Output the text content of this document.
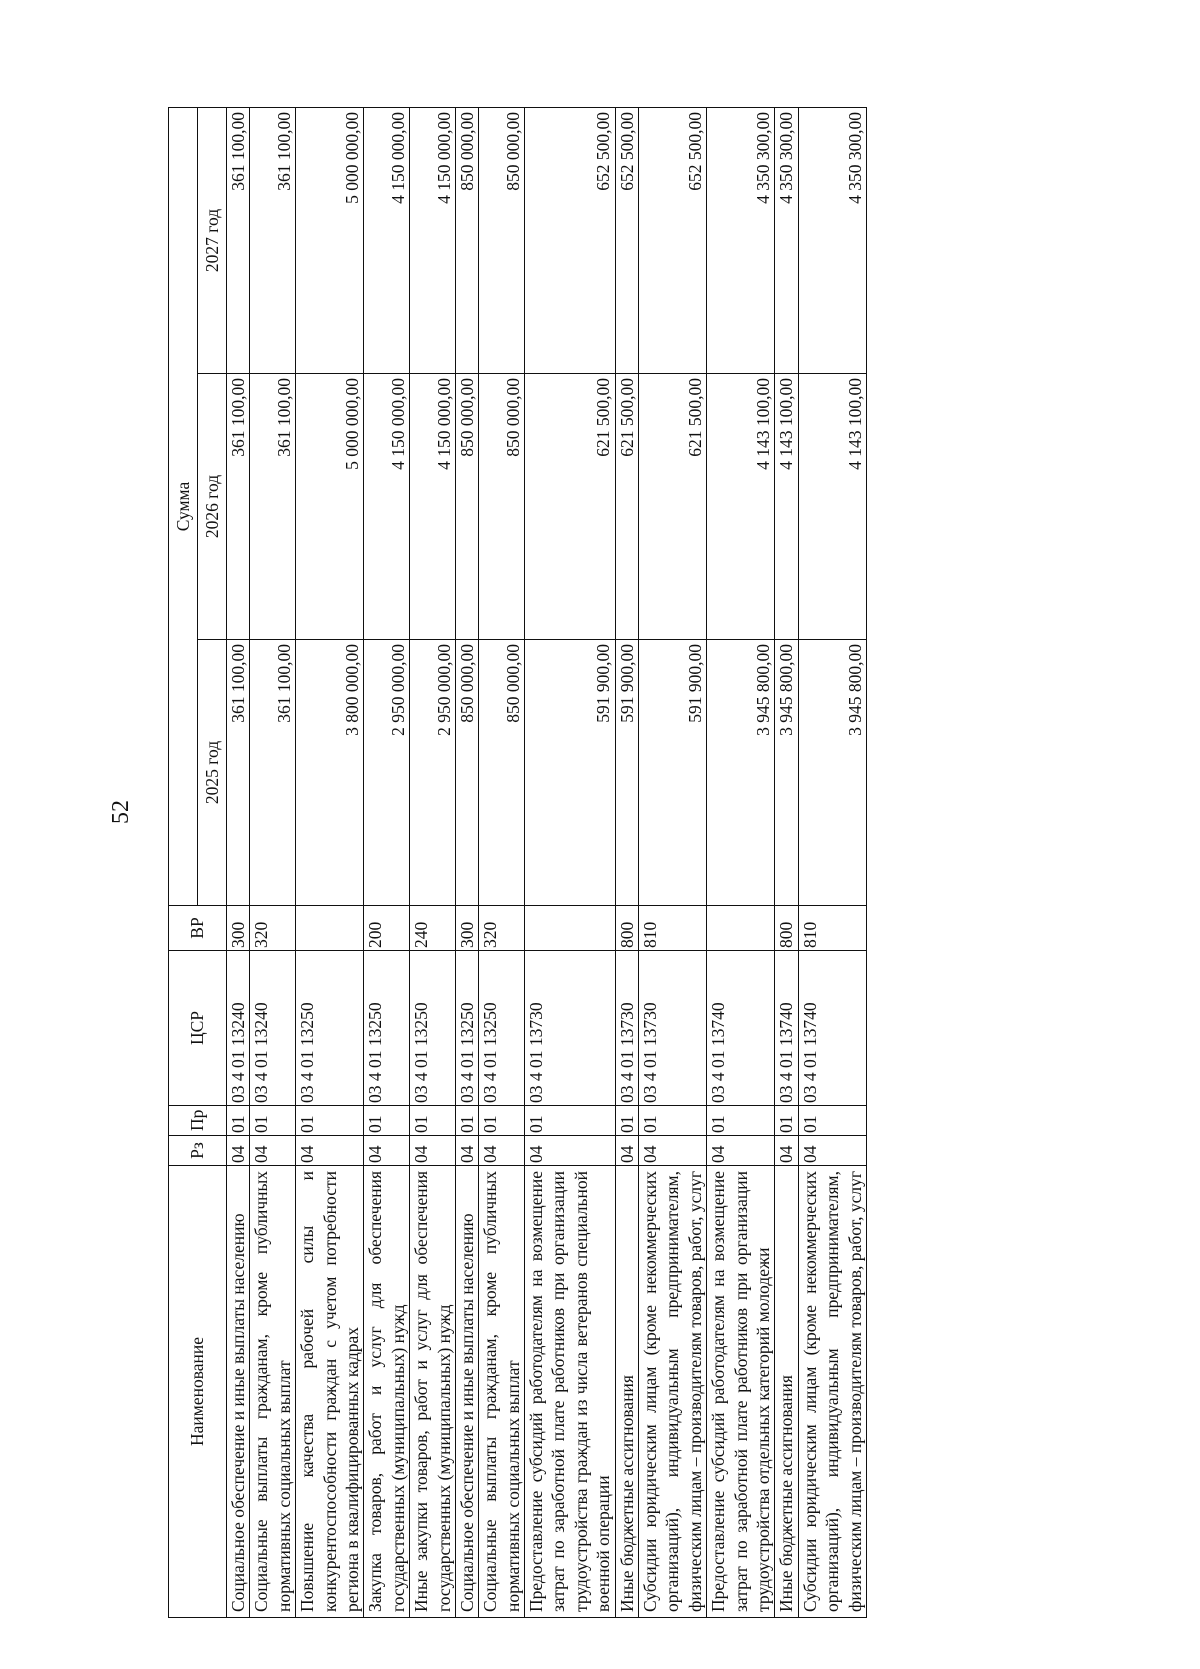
52
Наименование	Рз	Пр	ЦСР	ВР	Сумма		
					2025 год	2026 год	2027 год
Социальное обеспечение и иные выплаты населению	04	01	03 4 01 13240	300	361 100,00	361 100,00	361 100,00
Социальные выплаты гражданам, кроме публичных нормативных социальных выплат	04	01	03 4 01 13240	320	361 100,00	361 100,00	361 100,00
Повышение качества рабочей силы и конкурентоспособности граждан с учетом потребности региона в квалифицированных кадрах	04	01	03 4 01 13250		3 800 000,00	5 000 000,00	5 000 000,00
Закупка товаров, работ и услуг для обеспечения государственных (муниципальных) нужд	04	01	03 4 01 13250	200	2 950 000,00	4 150 000,00	4 150 000,00
Иные закупки товаров, работ и услуг для обеспечения государственных (муниципальных) нужд	04	01	03 4 01 13250	240	2 950 000,00	4 150 000,00	4 150 000,00
Социальное обеспечение и иные выплаты населению	04	01	03 4 01 13250	300	850 000,00	850 000,00	850 000,00
Социальные выплаты гражданам, кроме публичных нормативных социальных выплат	04	01	03 4 01 13250	320	850 000,00	850 000,00	850 000,00
Предоставление субсидий работодателям на возмещение затрат по заработной плате работников при организации трудоустройства граждан из числа ветеранов специальной военной операции	04	01	03 4 01 13730		591 900,00	621 500,00	652 500,00
Иные бюджетные ассигнования	04	01	03 4 01 13730	800	591 900,00	621 500,00	652 500,00
Субсидии юридическим лицам (кроме некоммерческих организаций), индивидуальным предпринимателям, физическим лицам – производителям товаров, работ, услуг	04	01	03 4 01 13730	810	591 900,00	621 500,00	652 500,00
Предоставление субсидий работодателям на возмещение затрат по заработной плате работников при организации трудоустройства отдельных категорий молодежи	04	01	03 4 01 13740		3 945 800,00	4 143 100,00	4 350 300,00
Иные бюджетные ассигнования	04	01	03 4 01 13740	800	3 945 800,00	4 143 100,00	4 350 300,00
Субсидии юридическим лицам (кроме некоммерческих организаций), индивидуальным предпринимателям, физическим лицам – производителям товаров, работ, услуг	04	01	03 4 01 13740	810	3 945 800,00	4 143 100,00	4 350 300,00
